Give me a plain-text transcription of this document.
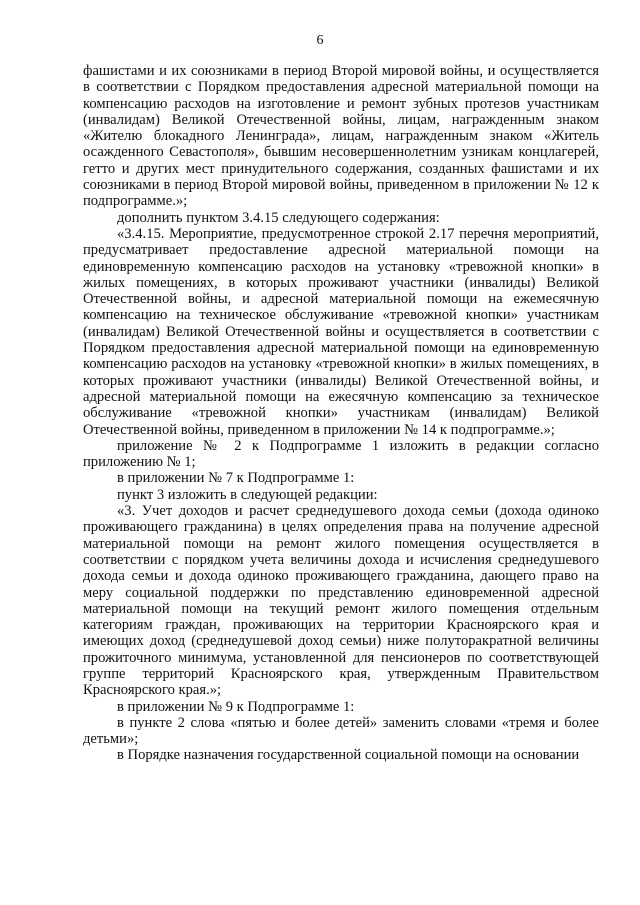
6

фашистами и их союзниками в период Второй мировой войны, и осуществляется в соответствии с Порядком предоставления адресной материальной помощи на компенсацию расходов на изготовление и ремонт зубных протезов участникам (инвалидам) Великой Отечественной войны, лицам, награжденным знаком «Жителю блокадного Ленинграда», лицам, награжденным знаком «Житель осажденного Севастополя», бывшим несовершеннолетним узникам концлагерей, гетто и других мест принудительного содержания, созданных фашистами и их союзниками в период Второй мировой войны, приведенном в приложении № 12 к подпрограмме.»;

дополнить пунктом 3.4.15 следующего содержания:

«3.4.15. Мероприятие, предусмотренное строкой 2.17 перечня мероприятий, предусматривает предоставление адресной материальной помощи на единовременную компенсацию расходов на установку «тревожной кнопки» в жилых помещениях, в которых проживают участники (инвалиды) Великой Отечественной войны, и адресной материальной помощи на ежемесячную компенсацию на техническое обслуживание «тревожной кнопки» участникам (инвалидам) Великой Отечественной войны и осуществляется в соответствии с Порядком предоставления адресной материальной помощи на единовременную компенсацию расходов на установку «тревожной кнопки» в жилых помещениях, в которых проживают участники (инвалиды) Великой Отечественной войны, и адресной материальной помощи на ежесячную компенсацию за техническое обслуживание «тревожной кнопки» участникам (инвалидам) Великой Отечественной войны, приведенном в приложении № 14 к подпрограмме.»;

приложение № 2 к Подпрограмме 1 изложить в редакции согласно приложению № 1;

в приложении № 7 к Подпрограмме 1:

пункт 3 изложить в следующей редакции:

«3. Учет доходов и расчет среднедушевого дохода семьи (дохода одиноко проживающего гражданина) в целях определения права на получение адресной материальной помощи на ремонт жилого помещения осуществляется в соответствии с порядком учета величины дохода и исчисления среднедушевого дохода семьи и дохода одиноко проживающего гражданина, дающего право на меру социальной поддержки по представлению единовременной адресной материальной помощи на текущий ремонт жилого помещения отдельным категориям граждан, проживающих на территории Красноярского края и имеющих доход (среднедушевой доход семьи) ниже полуторакратной величины прожиточного минимума, установленной для пенсионеров по соответствующей группе территорий Красноярского края, утвержденным Правительством Красноярского края.»;

в приложении № 9 к Подпрограмме 1:

в пункте 2 слова «пятью и более детей» заменить словами «тремя и более детьми»;

в Порядке назначения государственной социальной помощи на основании
